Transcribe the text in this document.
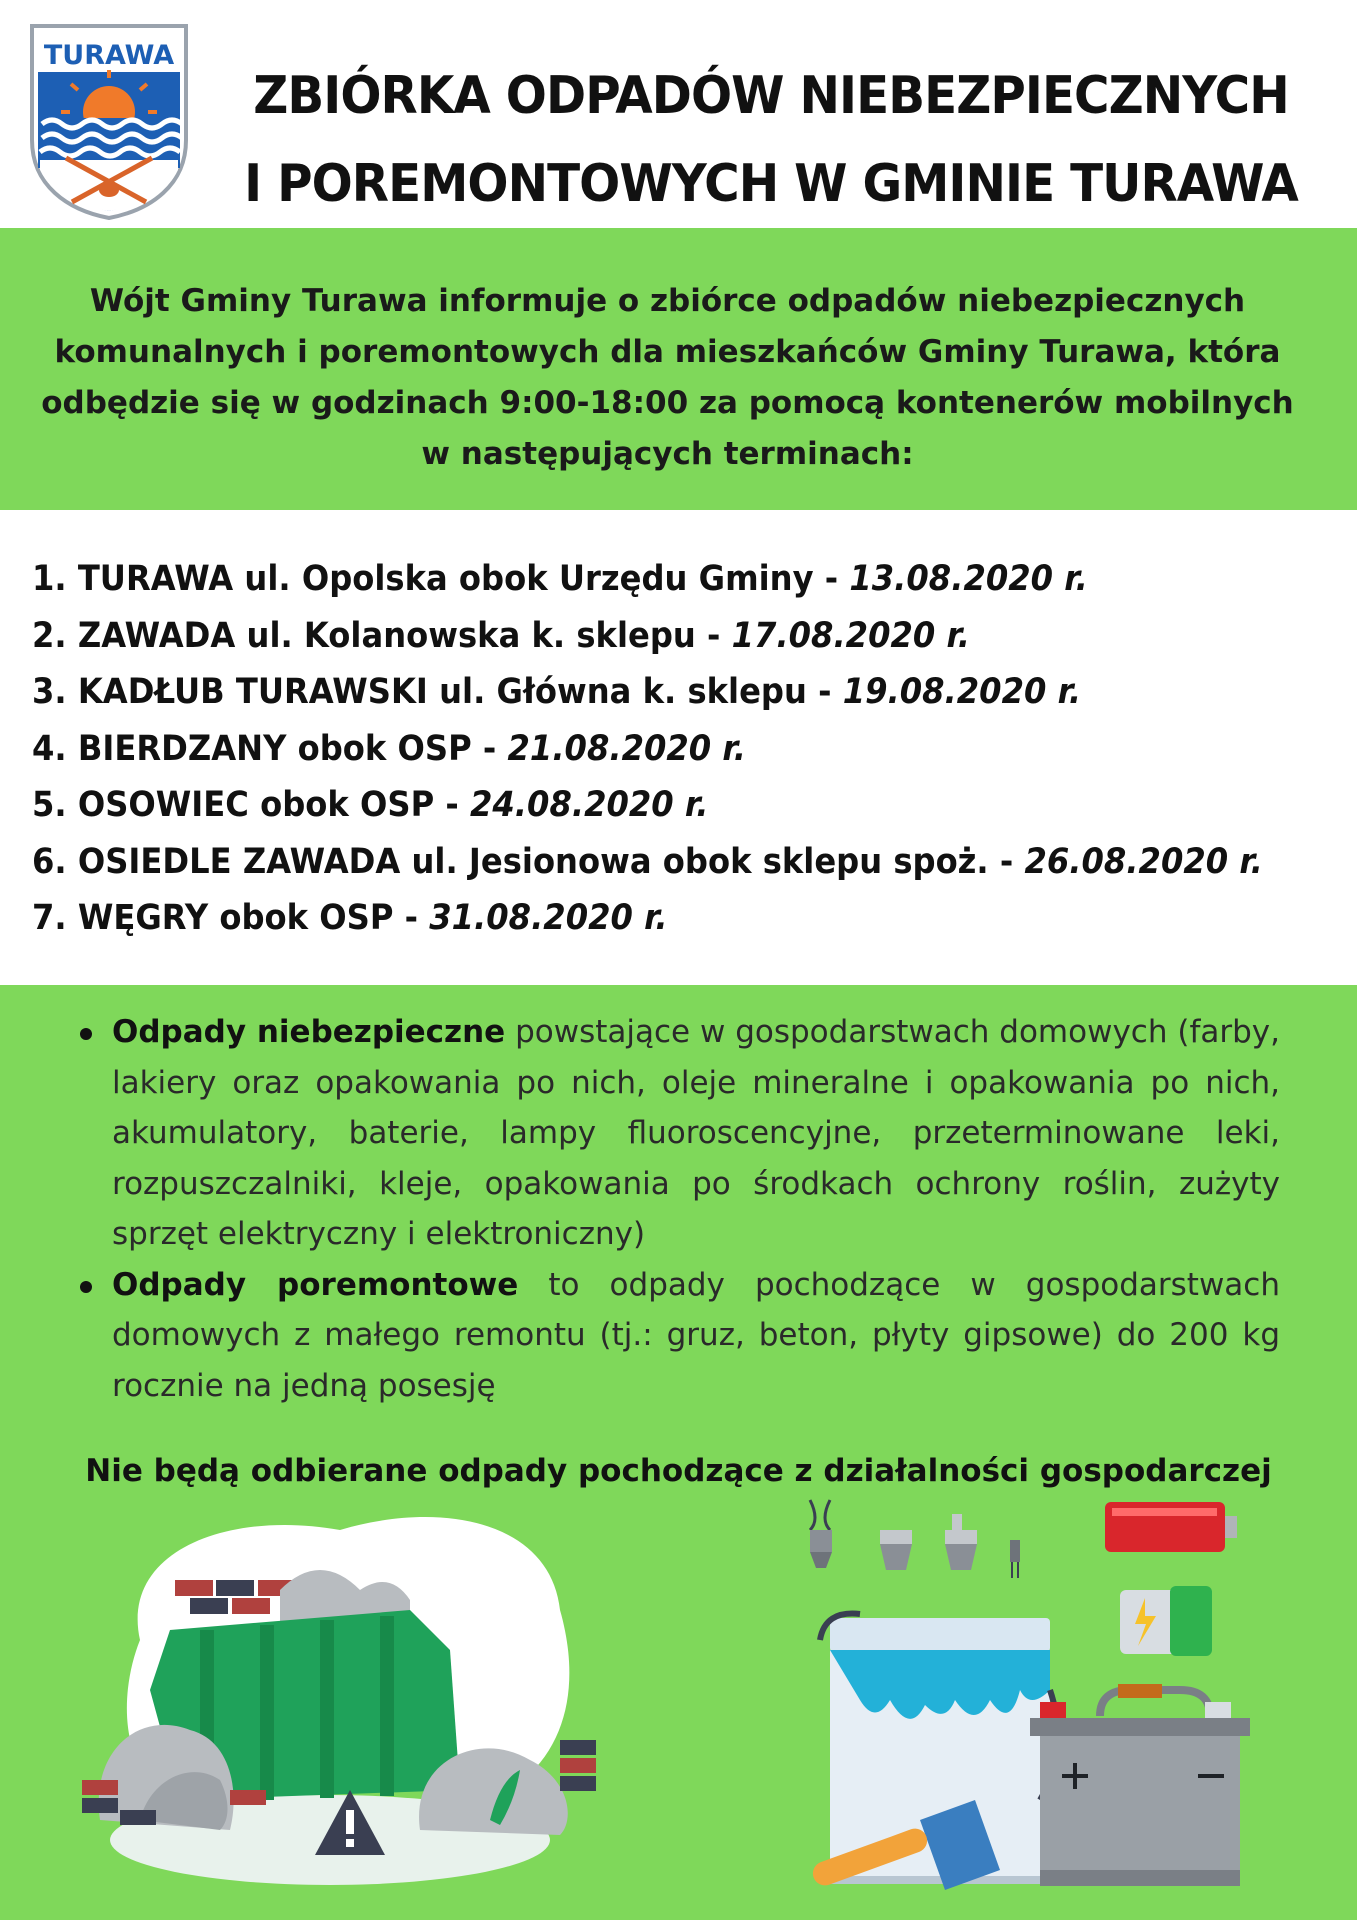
TURAWA
ZBIÓRKA ODPADÓW NIEBEZPIECZNYCH
I POREMONTOWYCH W GMINIE TURAWA
Wójt Gminy Turawa informuje o zbiórce odpadów niebezpiecznych komunalnych i poremontowych dla mieszkańców Gminy Turawa, która odbędzie się w godzinach 9:00-18:00 za pomocą kontenerów mobilnych w następujących terminach:
1. TURAWA ul. Opolska obok Urzędu Gminy - 13.08.2020 r.
2. ZAWADA ul. Kolanowska k. sklepu - 17.08.2020 r.
3. KADŁUB TURAWSKI ul. Główna k. sklepu - 19.08.2020 r.
4. BIERDZANY obok OSP - 21.08.2020 r.
5. OSOWIEC obok OSP - 24.08.2020 r.
6. OSIEDLE ZAWADA ul. Jesionowa obok sklepu spoż. - 26.08.2020 r.
7. WĘGRY obok OSP - 31.08.2020 r.
Odpady niebezpieczne powstające w gospodarstwach domowych (farby, lakiery oraz opakowania po nich, oleje mineralne i opakowania po nich, akumulatory, baterie, lampy fluoroscencyjne, przeterminowane leki, rozpuszczalniki, kleje, opakowania po środkach ochrony roślin, zużyty sprzęt elektryczny i elektroniczny)
Odpady poremontowe to odpady pochodzące w gospodarstwach domowych z małego remontu (tj.: gruz, beton, płyty gipsowe) do 200 kg rocznie na jedną posesję
Nie będą odbierane odpady pochodzące z działalności gospodarczej
